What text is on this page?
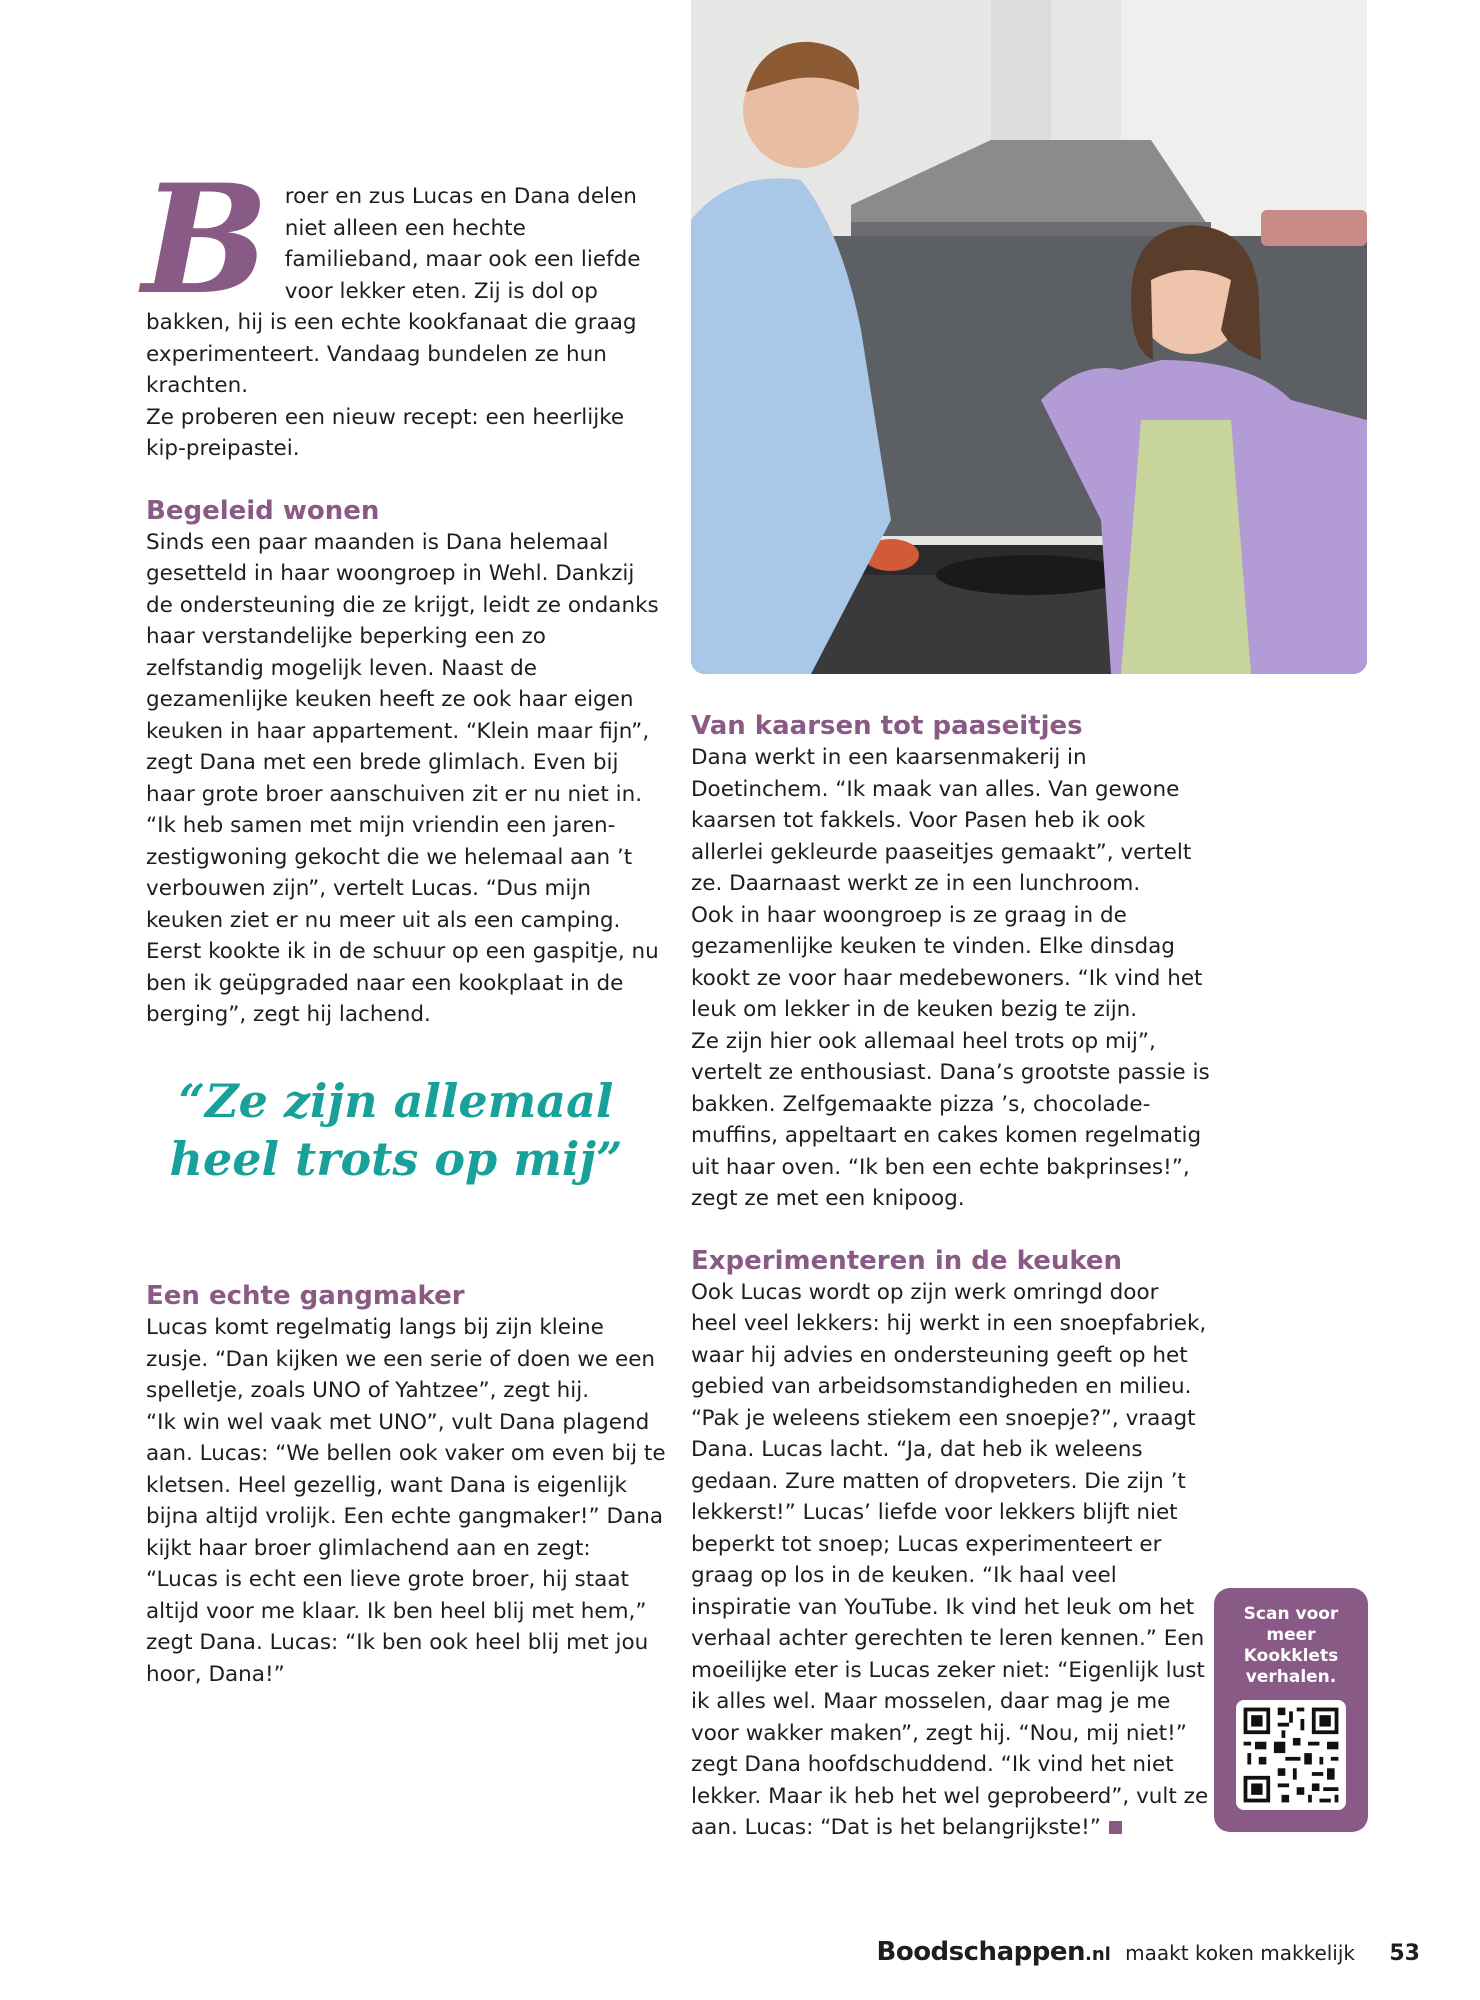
B roer en zus Lucas en Dana delen niet alleen een hechte familieband, maar ook een liefde voor lekker eten. Zij is dol op bakken, hij is een echte kookfanaat die graag experimenteert. Vandaag bundelen ze hun krachten.
Ze proberen een nieuw recept: een heerlijke kip-preipastei.

Begeleid wonen

Sinds een paar maanden is Dana helemaal gesetteld in haar woongroep in Wehl. Dankzij de ondersteuning die ze krijgt, leidt ze ondanks haar verstandelijke beperking een zo zelfstandig mogelijk leven. Naast de gezamenlijke keuken heeft ze ook haar eigen keuken in haar appartement. “Klein maar fijn”, zegt Dana met een brede glimlach. Even bij haar grote broer aanschuiven zit er nu niet in. “Ik heb samen met mijn vriendin een jaren-zestigwoning gekocht die we helemaal aan ’t verbouwen zijn”, vertelt Lucas. “Dus mijn keuken ziet er nu meer uit als een camping. Eerst kookte ik in de schuur op een gaspitje, nu ben ik geüpgraded naar een kookplaat in de berging”, zegt hij lachend.

“Ze zijn allemaal
heel trots op mij”
Een echte gangmaker

Lucas komt regelmatig langs bij zijn kleine zusje. “Dan kijken we een serie of doen we een spelletje, zoals UNO of Yahtzee”, zegt hij.
“Ik win wel vaak met UNO”, vult Dana plagend aan. Lucas: “We bellen ook vaker om even bij te kletsen. Heel gezellig, want Dana is eigenlijk bijna altijd vrolijk. Een echte gangmaker!” Dana kijkt haar broer glimlachend aan en zegt: “Lucas is echt een lieve grote broer, hij staat altijd voor me klaar. Ik ben heel blij met hem,” zegt Dana. Lucas: “Ik ben ook heel blij met jou hoor, Dana!”

Van kaarsen tot paaseitjes

Dana werkt in een kaarsenmakerij in Doetinchem. “Ik maak van alles. Van gewone kaarsen tot fakkels. Voor Pasen heb ik ook allerlei gekleurde paaseitjes gemaakt”, vertelt ze. Daarnaast werkt ze in een lunchroom.
Ook in haar woongroep is ze graag in de gezamenlijke keuken te vinden. Elke dinsdag kookt ze voor haar medebewoners. “Ik vind het leuk om lekker in de keuken bezig te zijn.
Ze zijn hier ook allemaal heel trots op mij”, vertelt ze enthousiast. Dana’s grootste passie is bakken. Zelfgemaakte pizza ’s, chocolade-muffins, appeltaart en cakes komen regelmatig uit haar oven. “Ik ben een echte bakprinses!”, zegt ze met een knipoog.

Experimenteren in de keuken

Ook Lucas wordt op zijn werk omringd door heel veel lekkers: hij werkt in een snoepfabriek, waar hij advies en ondersteuning geeft op het gebied van arbeidsomstandigheden en milieu. “Pak je weleens stiekem een snoepje?”, vraagt Dana. Lucas lacht. “Ja, dat heb ik weleens gedaan. Zure matten of dropveters. Die zijn ’t lekkerst!” Lucas’ liefde voor lekkers blijft niet beperkt tot snoep; Lucas experimenteert er graag op los in de keuken. “Ik haal veel inspiratie van YouTube. Ik vind het leuk om het verhaal achter gerechten te leren kennen.” Een moeilijke eter is Lucas zeker niet: “Eigenlijk lust ik alles wel. Maar mosselen, daar mag je me voor wakker maken”, zegt hij. “Nou, mij niet!” zegt Dana hoofdschuddend. “Ik vind het niet lekker. Maar ik heb het wel geprobeerd”, vult ze aan. Lucas: “Dat is het belangrijkste!”

Scan voor
meer
Kookklets
verhalen.
Boodschappen.nl maakt koken makkelijk 53
